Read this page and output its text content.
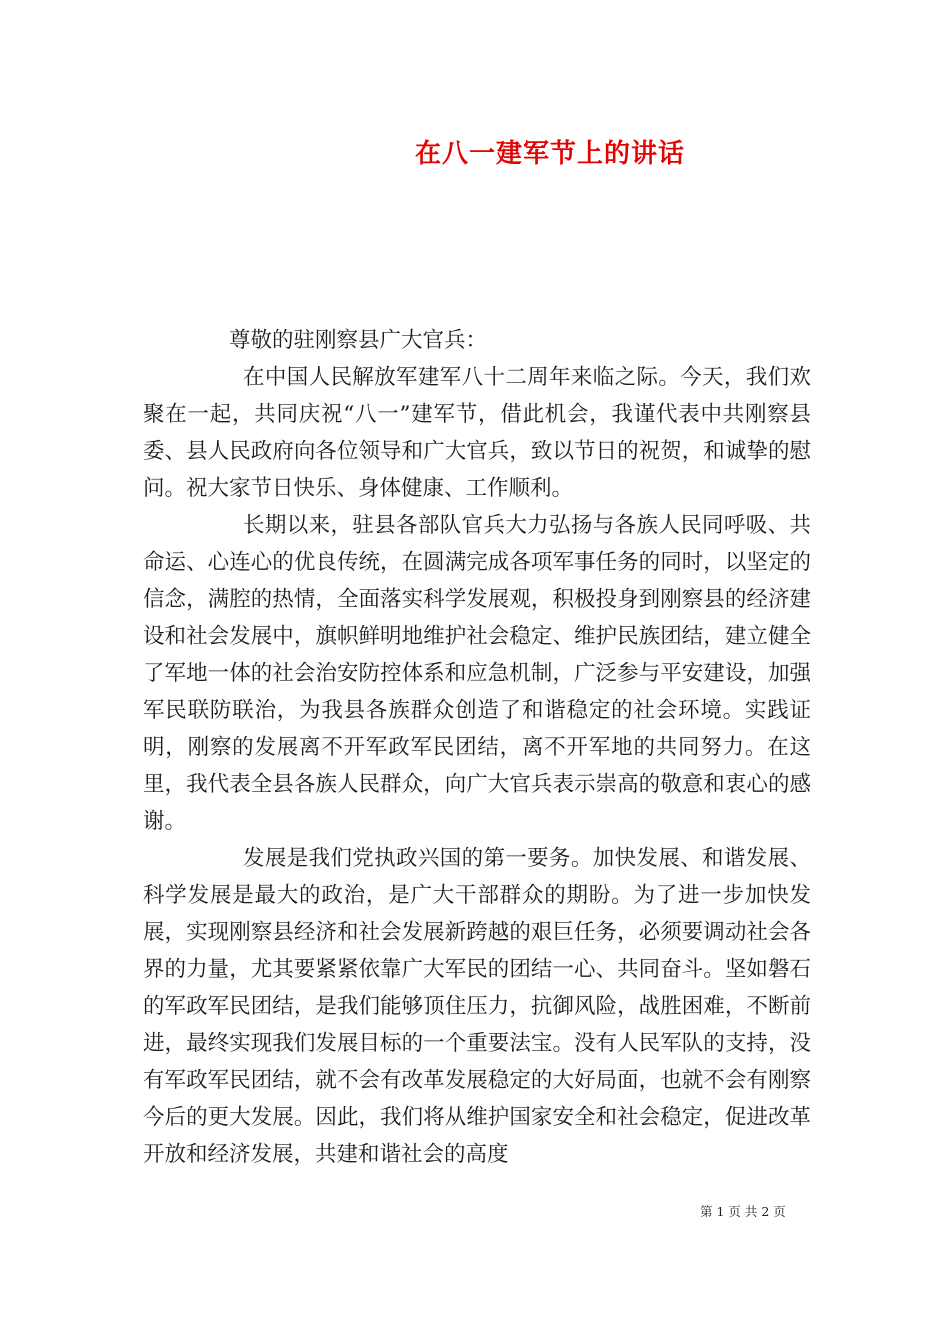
在八一建军节上的讲话

尊敬的驻刚察县广大官兵：

在中国人民解放军建军八十二周年来临之际。今天，我们欢聚在一起，共同庆祝“八一”建军节，借此机会，我谨代表中共刚察县委、县人民政府向各位领导和广大官兵，致以节日的祝贺，和诚挚的慰问。祝大家节日快乐、身体健康、工作顺利。

长期以来，驻县各部队官兵大力弘扬与各族人民同呼吸、共命运、心连心的优良传统，在圆满完成各项军事任务的同时，以坚定的信念，满腔的热情，全面落实科学发展观，积极投身到刚察县的经济建设和社会发展中，旗帜鲜明地维护社会稳定、维护民族团结，建立健全了军地一体的社会治安防控体系和应急机制，广泛参与平安建设，加强军民联防联治，为我县各族群众创造了和谐稳定的社会环境。实践证明，刚察的发展离不开军政军民团结，离不开军地的共同努力。在这里，我代表全县各族人民群众，向广大官兵表示崇高的敬意和衷心的感谢。

发展是我们党执政兴国的第一要务。加快发展、和谐发展、科学发展是最大的政治，是广大干部群众的期盼。为了进一步加快发展，实现刚察县经济和社会发展新跨越的艰巨任务，必须要调动社会各界的力量，尤其要紧紧依靠广大军民的团结一心、共同奋斗。坚如磐石的军政军民团结，是我们能够顶住压力，抗御风险，战胜困难，不断前进，最终实现我们发展目标的一个重要法宝。没有人民军队的支持，没有军政军民团结，就不会有改革发展稳定的大好局面，也就不会有刚察今后的更大发展。因此，我们将从维护国家安全和社会稳定，促进改革开放和经济发展，共建和谐社会的高度

第 1 页 共 2 页
